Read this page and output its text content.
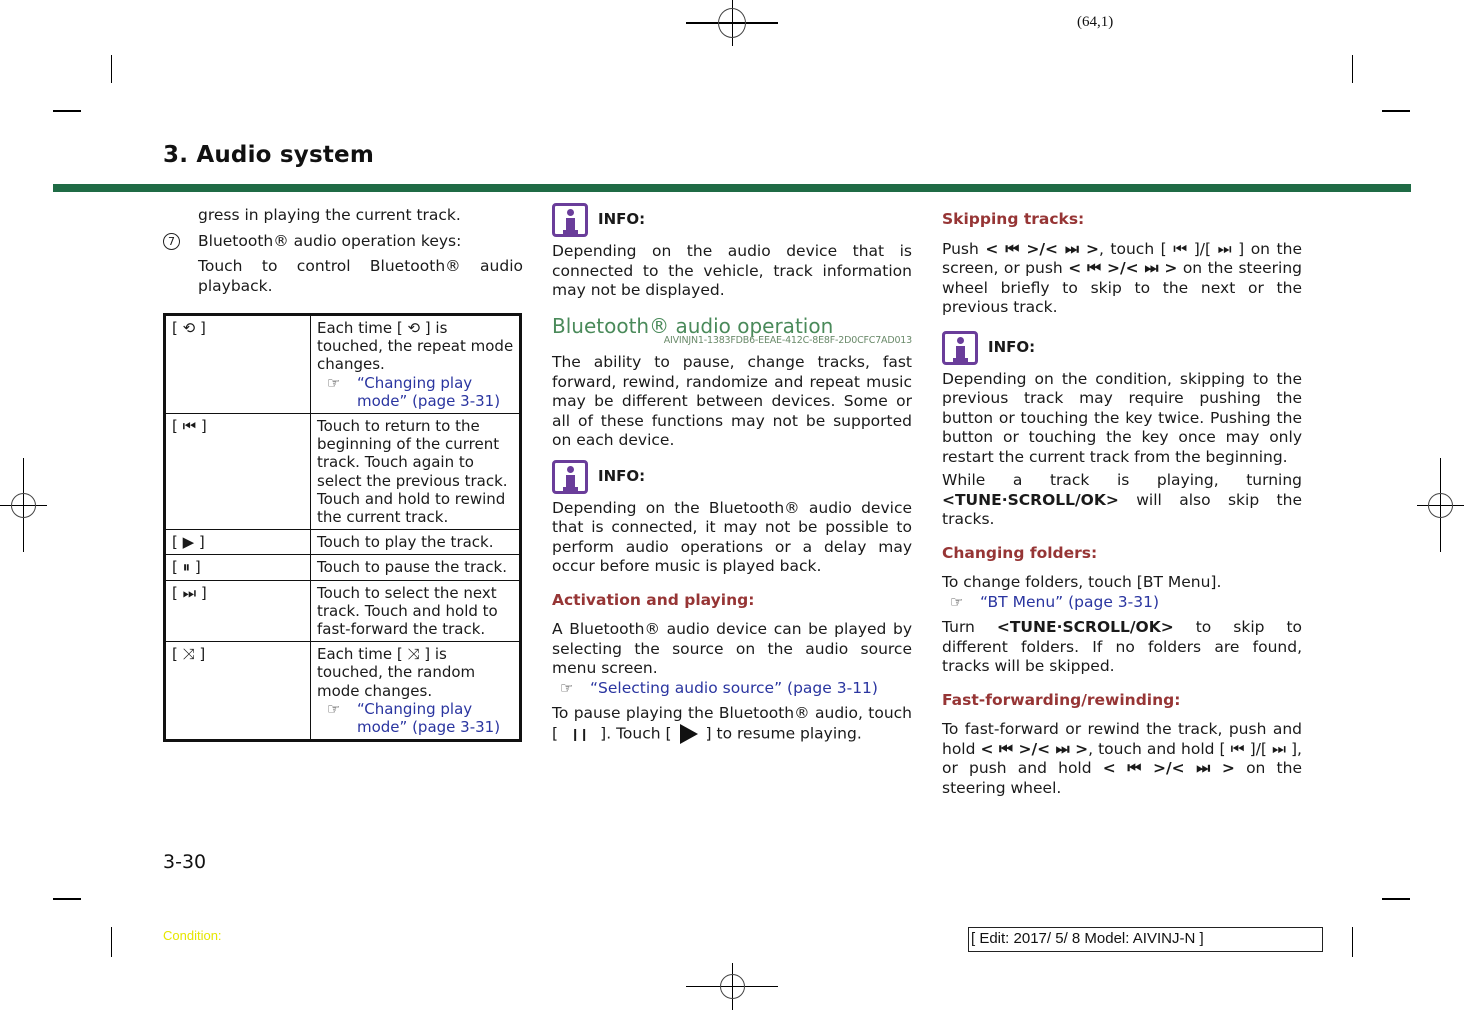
(64,1)
3. Audio system

gress in playing the current track.

7	Bluetooth® audio operation keys:

Touch to control Bluetooth® audio playback.

[ ⟲ ]	Each time [ ⟲ ] is touched, the repeat mode changes.
☞ “Changing play mode” (page 3-31)

[ ⏮ ]	Touch to return to the beginning of the current track. Touch again to select the previous track. Touch and hold to rewind the current track.
[ ▶ ]	Touch to play the track.
[ ⏸ ]	Touch to pause the track.
[ ⏭ ]	Touch to select the next track. Touch and hold to fast-forward the track.
[ ⤨ ]	Each time [ ⤨ ] is touched, the random mode changes.
☞ “Changing play mode” (page 3-31)
INFO:

Depending on the audio device that is connected to the vehicle, track information may not be displayed.

Bluetooth® audio operation
AIVINJN1-1383FDB6-EEAE-412C-8E8F-2D0CFC7AD013

The ability to pause, change tracks, fast forward, rewind, randomize and repeat music may be different between devices. Some or all of these functions may not be supported on each device.

INFO:

Depending on the Bluetooth® audio device that is connected, it may not be possible to perform audio operations or a delay may occur before music is played back.

Activation and playing:

A Bluetooth® audio device can be played by selecting the source on the audio source menu screen.

☞	“Selecting audio source” (page 3-11)

To pause playing the Bluetooth® audio, touch [ ❙❙ ]. Touch [ ] to resume playing.

Skipping tracks:

Push < ⏮ >/< ⏭ >, touch [ ⏮ ]/[ ⏭ ] on the screen, or push < ⏮ >/< ⏭ > on the steering wheel briefly to skip to the next or the previous track.

INFO:

Depending on the condition, skipping to the previous track may require pushing the button or touching the key twice. Pushing the button or touching the key once may only restart the current track from the beginning.

While a track is playing, turning <TUNE·SCROLL/OK> will also skip the tracks.

Changing folders:

To change folders, touch [BT Menu].

☞	“BT Menu” (page 3-31)

Turn <TUNE·SCROLL/OK> to skip to different folders. If no folders are found, tracks will be skipped.

Fast-forwarding/rewinding:

To fast-forward or rewind the track, push and hold < ⏮ >/< ⏭ >, touch and hold [ ⏮ ]/[ ⏭ ], or push and hold < ⏮ >/< ⏭ > on the steering wheel.

3-30
Condition:	[ Edit: 2017/ 5/ 8 Model: AIVINJ-N ]
